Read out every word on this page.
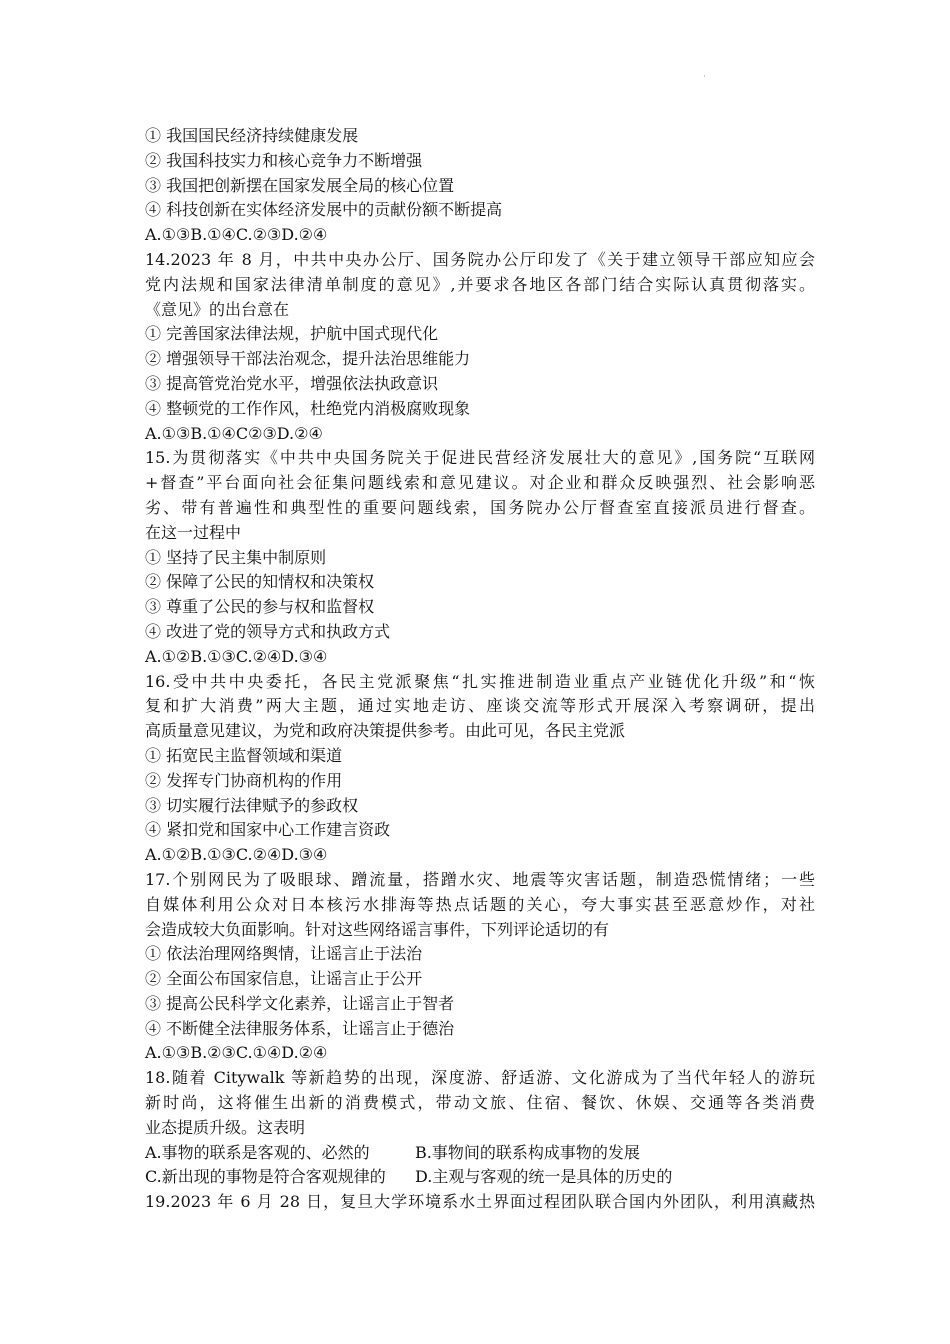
·
① 我国国民经济持续健康发展
② 我国科技实力和核心竞争力不断增强
③ 我国把创新摆在国家发展全局的核心位置
④ 科技创新在实体经济发展中的贡献份额不断提高
A.①③B.①④C.②③D.②④
14.2023 年 8 月，中共中央办公厅、国务院办公厅印发了《关于建立领导干部应知应会
党内法规和国家法律清单制度的意见》,并要求各地区各部门结合实际认真贯彻落实。
《意见》的出台意在
① 完善国家法律法规，护航中国式现代化
② 增强领导干部法治观念，提升法治思维能力
③ 提高管党治党水平，增强依法执政意识
④ 整顿党的工作作风，杜绝党内消极腐败现象
A.①③B.①④C②③D.②④
15.为贯彻落实《中共中央国务院关于促进民营经济发展壮大的意见》,国务院“互联网
+督查”平台面向社会征集问题线索和意见建议。对企业和群众反映强烈、社会影响恶
劣、带有普遍性和典型性的重要问题线索，国务院办公厅督查室直接派员进行督查。
在这一过程中
① 坚持了民主集中制原则
② 保障了公民的知情权和决策权
③ 尊重了公民的参与权和监督权
④ 改进了党的领导方式和执政方式
A.①②B.①③C.②④D.③④
16.受中共中央委托，各民主党派聚焦“扎实推进制造业重点产业链优化升级”和“恢
复和扩大消费”两大主题，通过实地走访、座谈交流等形式开展深入考察调研，提出
高质量意见建议，为党和政府决策提供参考。由此可见，各民主党派
① 拓宽民主监督领域和渠道
② 发挥专门协商机构的作用
③ 切实履行法律赋予的参政权
④ 紧扣党和国家中心工作建言资政
A.①②B.①③C.②④D.③④
17.个别网民为了吸眼球、蹭流量，搭蹭水灾、地震等灾害话题，制造恐慌情绪；一些
自媒体利用公众对日本核污水排海等热点话题的关心，夸大事实甚至恶意炒作，对社
会造成较大负面影响。针对这些网络谣言事件，下列评论适切的有
① 依法治理网络舆情，让谣言止于法治
② 全面公布国家信息，让谣言止于公开
③ 提高公民科学文化素养，让谣言止于智者
④ 不断健全法律服务体系，让谣言止于德治
A.①③B.②③C.①④D.②④
18.随着 Citywalk 等新趋势的出现，深度游、舒适游、文化游成为了当代年轻人的游玩
新时尚，这将催生出新的消费模式，带动文旅、住宿、餐饮、休娱、交通等各类消费
业态提质升级。这表明
A.事物的联系是客观的、必然的	B.事物间的联系构成事物的发展
C.新出现的事物是符合客观规律的	D.主观与客观的统一是具体的历史的
19.2023 年 6 月 28 日，复旦大学环境系水土界面过程团队联合国内外团队，利用滇藏热
